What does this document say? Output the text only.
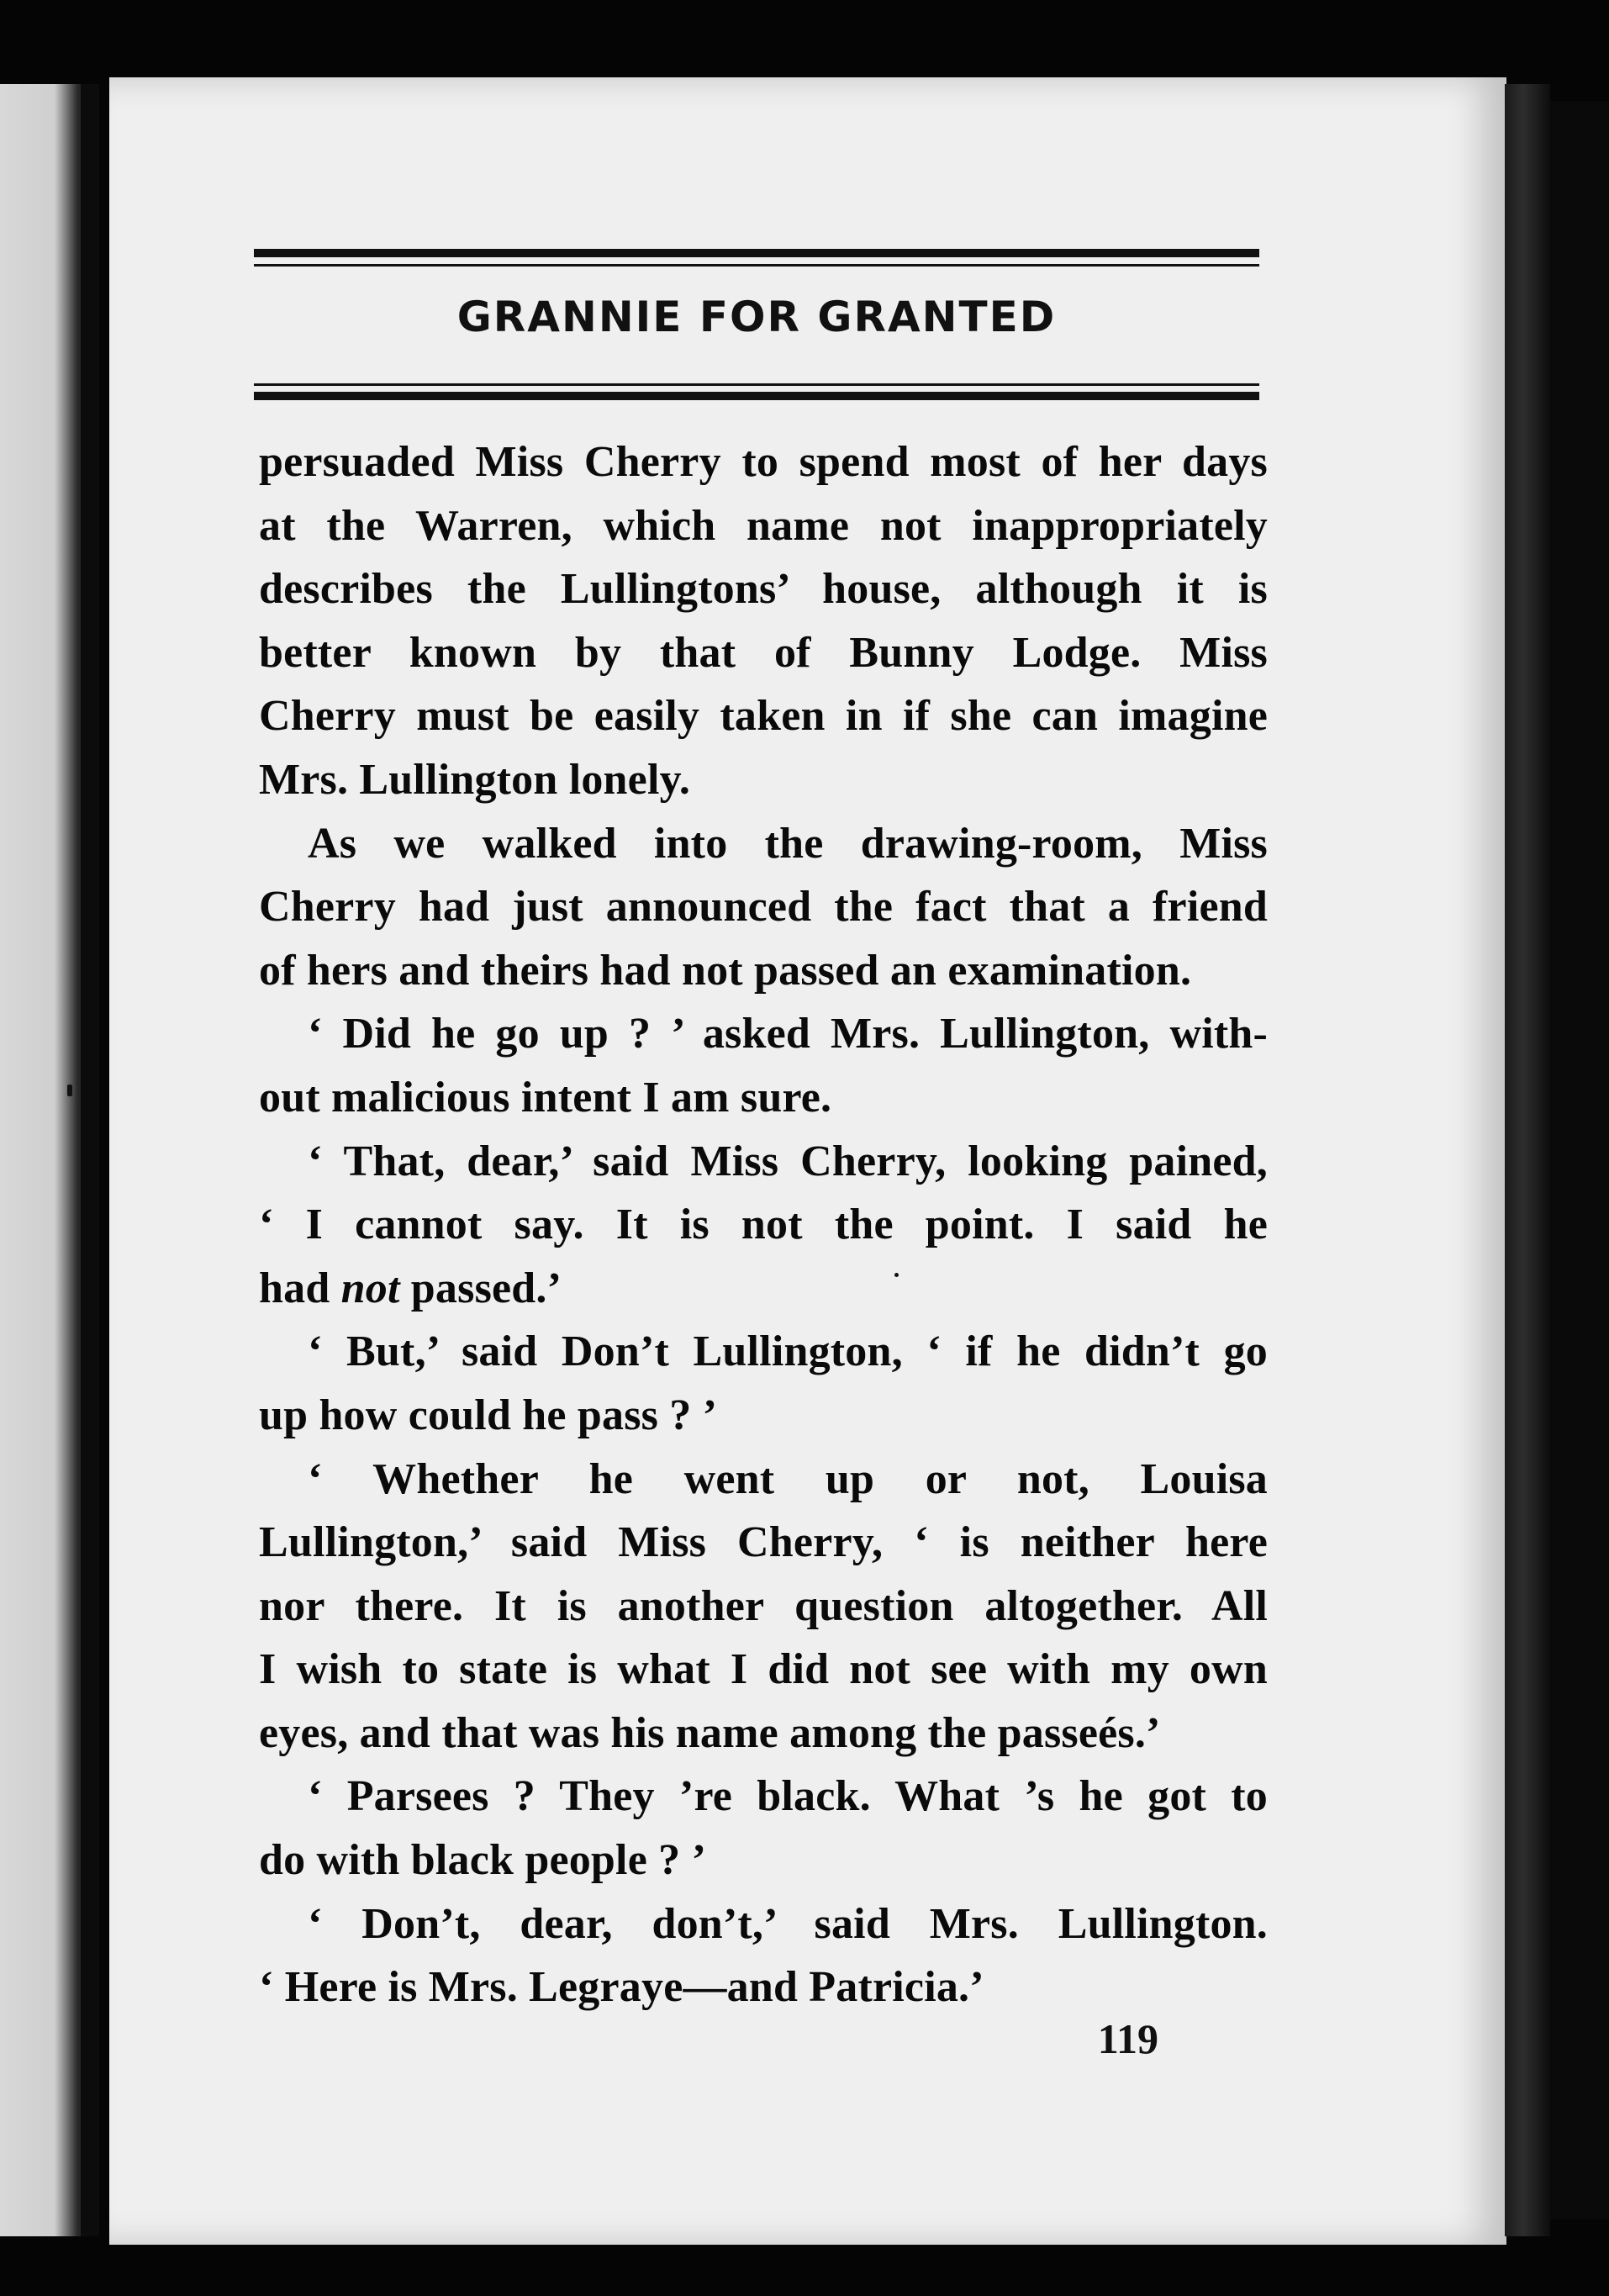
GRANNIE FOR GRANTED
persuaded Miss Cherry to spend most of her days
at the Warren, which name not inappropriately
describes the Lullingtons’ house, although it is
better known by that of Bunny Lodge. Miss
Cherry must be easily taken in if she can imagine
Mrs. Lullington lonely.
As we walked into the drawing-room, Miss
Cherry had just announced the fact that a friend
of hers and theirs had not passed an examination.
‘ Did he go up ? ’ asked Mrs. Lullington, with-
out malicious intent I am sure.
‘ That, dear,’ said Miss Cherry, looking pained,
‘ I cannot say. It is not the point. I said he
had not passed.’
‘ But,’ said Don’t Lullington, ‘ if he didn’t go
up how could he pass ? ’
‘ Whether he went up or not, Louisa
Lullington,’ said Miss Cherry, ‘ is neither here
nor there. It is another question altogether. All
I wish to state is what I did not see with my own
eyes, and that was his name among the passeés.’
‘ Parsees ? They ’re black. What ’s he got to
do with black people ? ’
‘ Don’t, dear, don’t,’ said Mrs. Lullington.
‘ Here is Mrs. Legraye—and Patricia.’
119
